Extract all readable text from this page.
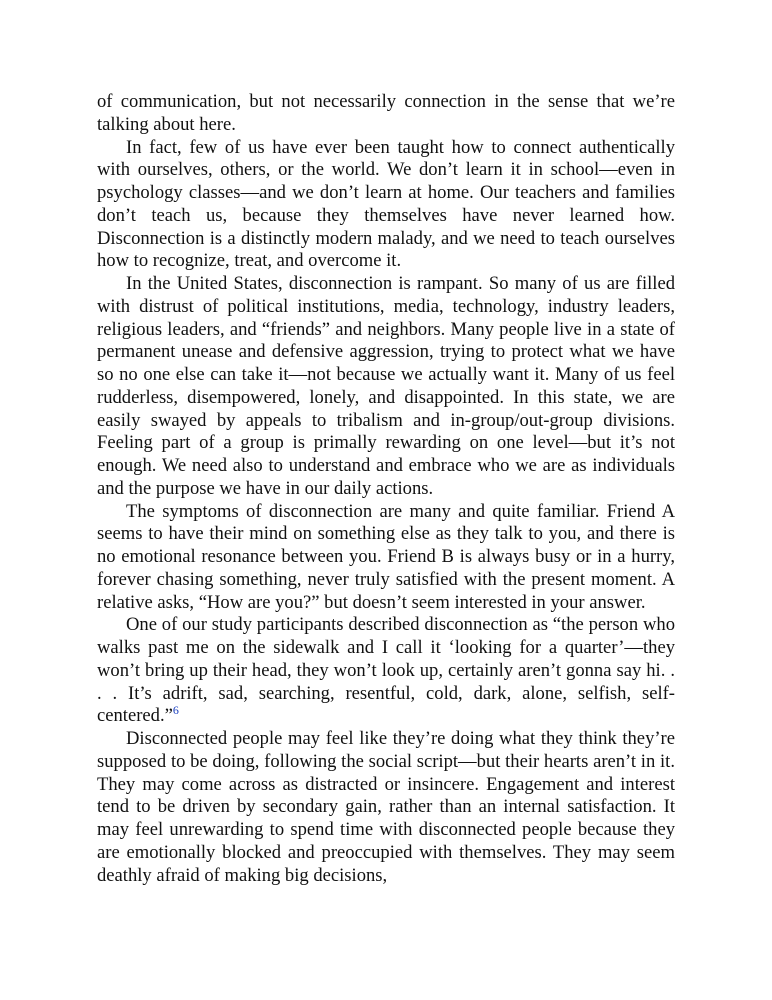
of communication, but not necessarily connection in the sense that we’re talking about here.

In fact, few of us have ever been taught how to connect authentically with ourselves, others, or the world. We don’t learn it in school—even in psychology classes—and we don’t learn at home. Our teachers and families don’t teach us, because they themselves have never learned how. Disconnection is a distinctly modern malady, and we need to teach ourselves how to recognize, treat, and overcome it.

In the United States, disconnection is rampant. So many of us are filled with distrust of political institutions, media, technology, industry leaders, religious leaders, and “friends” and neighbors. Many people live in a state of permanent unease and defensive aggression, trying to protect what we have so no one else can take it—not because we actually want it. Many of us feel rudderless, disempowered, lonely, and disappointed. In this state, we are easily swayed by appeals to tribalism and in-group/out-group divisions. Feeling part of a group is primally rewarding on one level—but it’s not enough. We need also to understand and embrace who we are as individuals and the purpose we have in our daily actions.

The symptoms of disconnection are many and quite familiar. Friend A seems to have their mind on something else as they talk to you, and there is no emotional resonance between you. Friend B is always busy or in a hurry, forever chasing something, never truly satisfied with the present moment. A relative asks, “How are you?” but doesn’t seem interested in your answer.

One of our study participants described disconnection as “the person who walks past me on the sidewalk and I call it ‘looking for a quarter’—they won’t bring up their head, they won’t look up, certainly aren’t gonna say hi. . . . It’s adrift, sad, searching, resentful, cold, dark, alone, selfish, self-centered.”$^6$

Disconnected people may feel like they’re doing what they think they’re supposed to be doing, following the social script—but their hearts aren’t in it. They may come across as distracted or insincere. Engagement and interest tend to be driven by secondary gain, rather than an internal satisfaction. It may feel unrewarding to spend time with disconnected people because they are emotionally blocked and preoccupied with themselves. They may seem deathly afraid of making big decisions,
